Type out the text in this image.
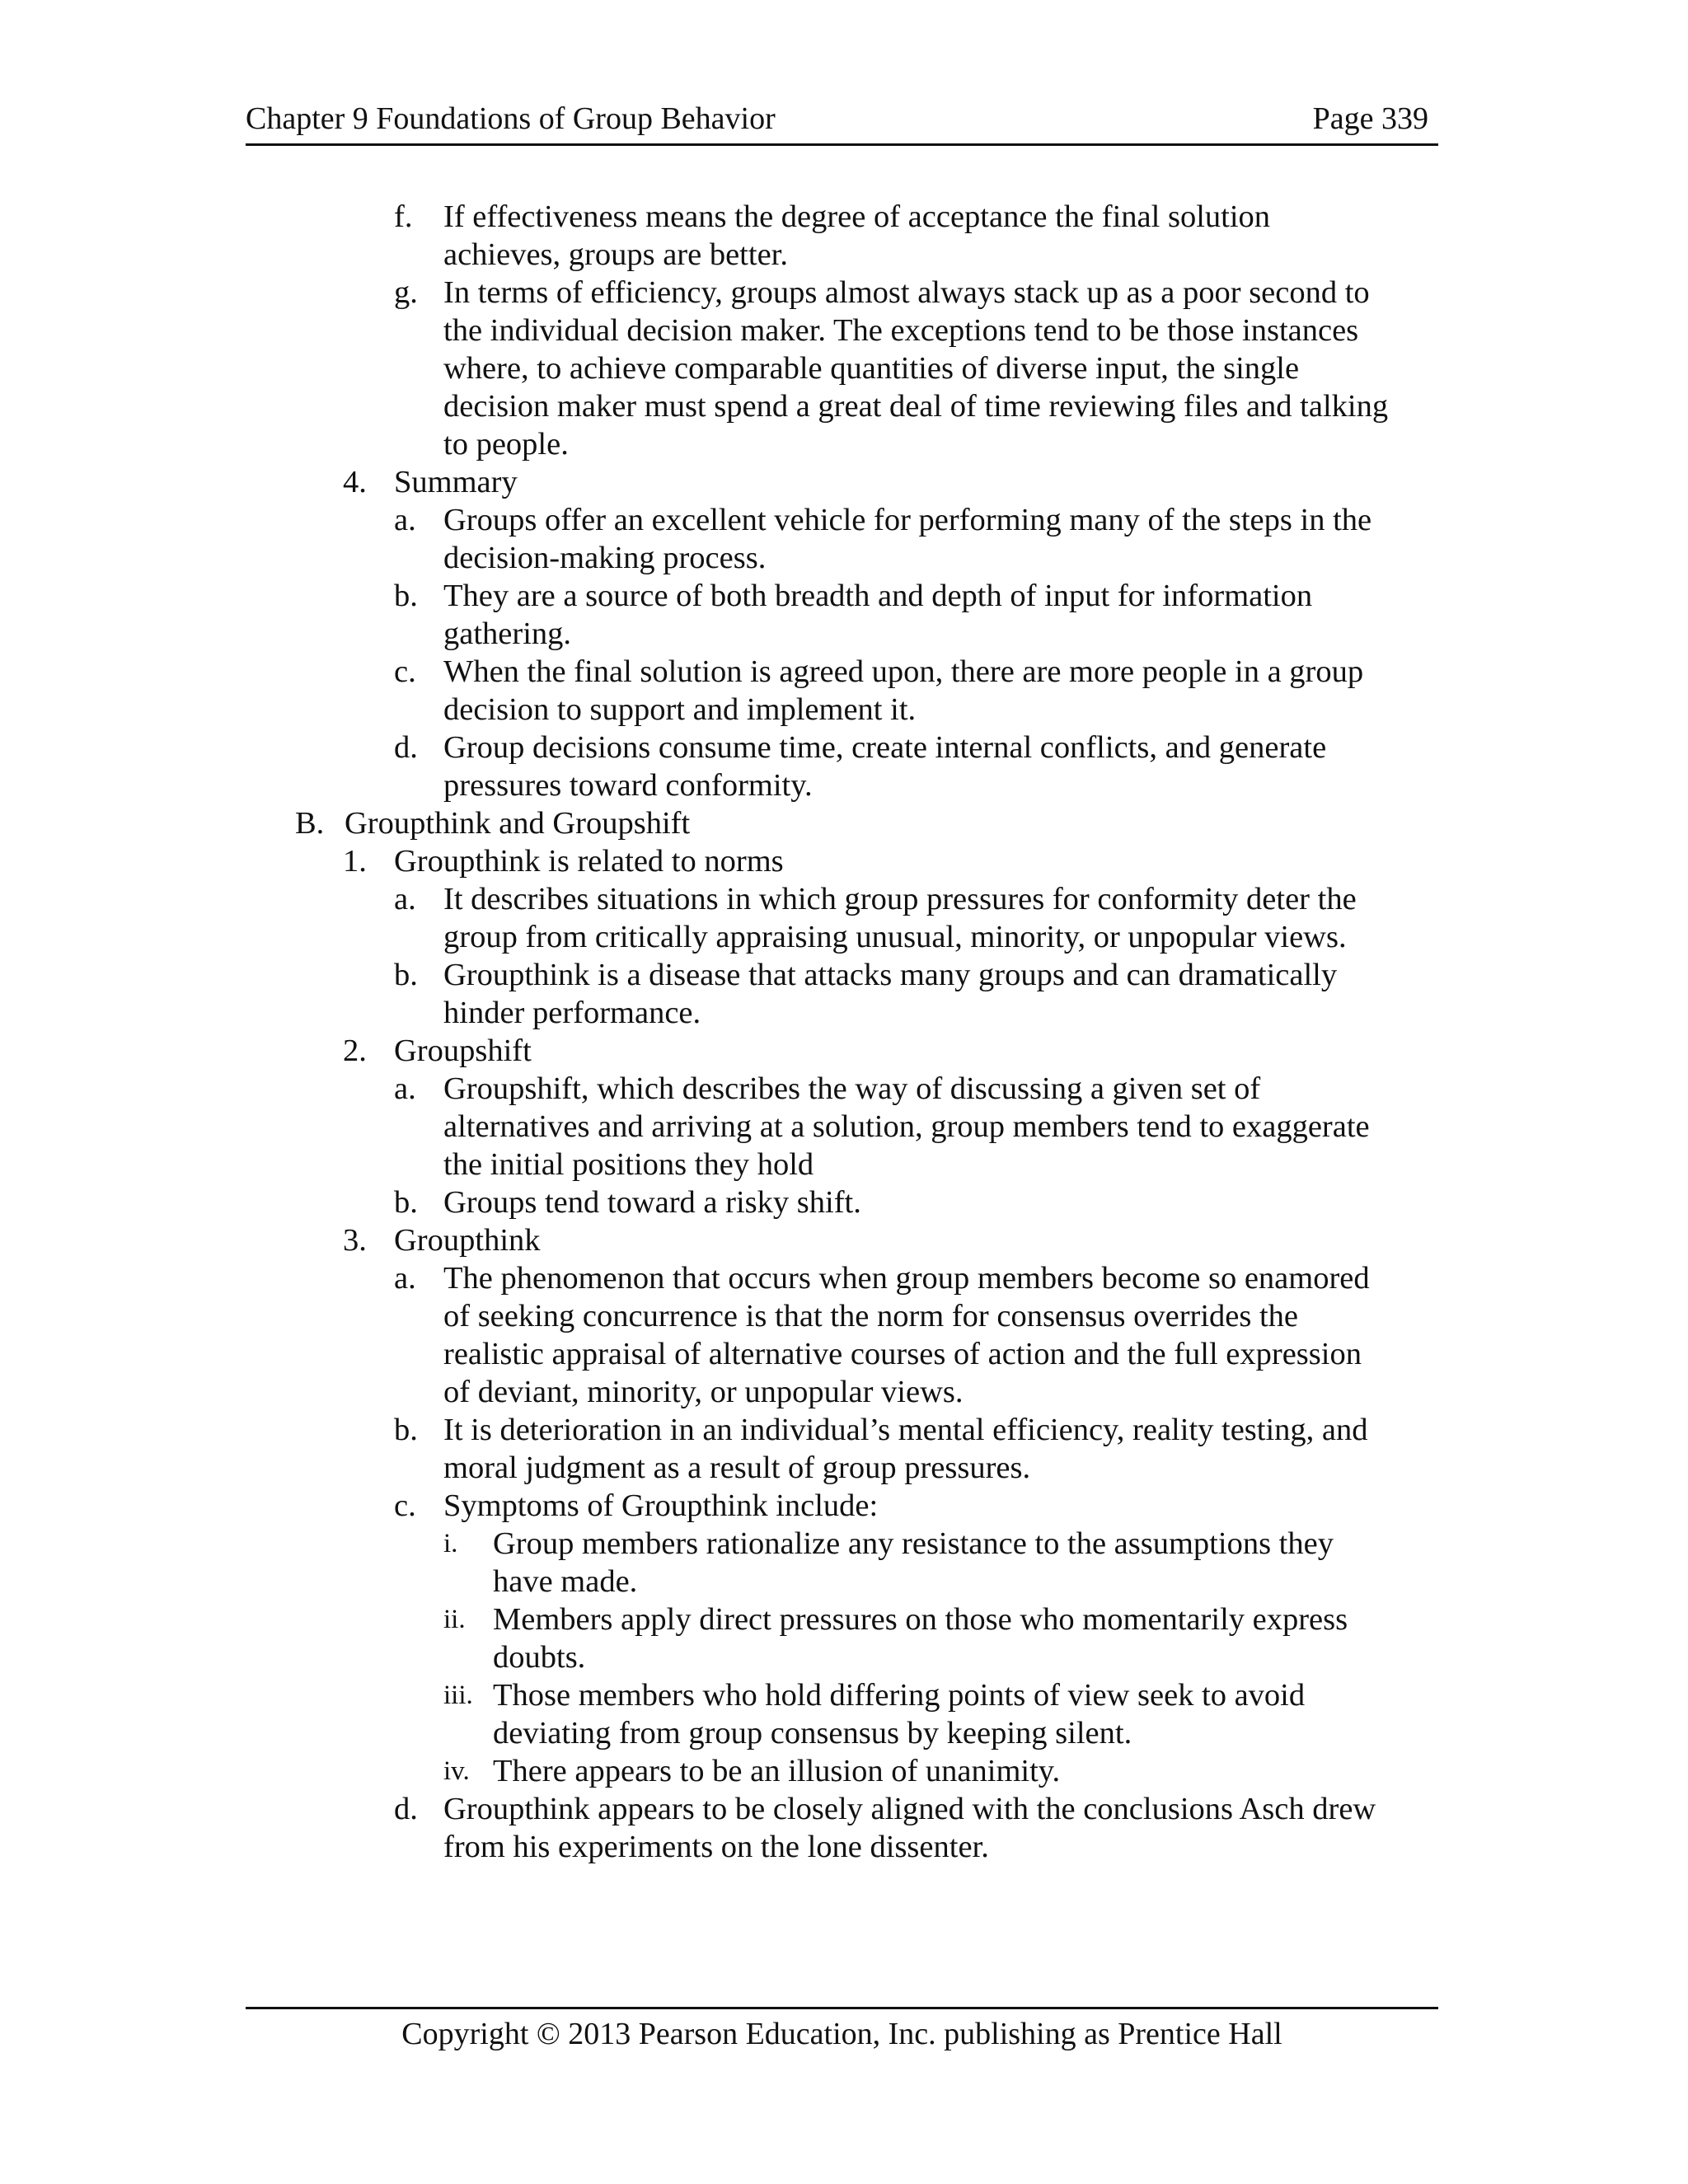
Chapter 9 Foundations of Group Behavior	Page 339
f. If effectiveness means the degree of acceptance the final solution
achieves, groups are better.
g. In terms of efficiency, groups almost always stack up as a poor second to
the individual decision maker. The exceptions tend to be those instances
where, to achieve comparable quantities of diverse input, the single
decision maker must spend a great deal of time reviewing files and talking
to people.
4. Summary
a. Groups offer an excellent vehicle for performing many of the steps in the
decision-making process.
b. They are a source of both breadth and depth of input for information
gathering.
c. When the final solution is agreed upon, there are more people in a group
decision to support and implement it.
d. Group decisions consume time, create internal conflicts, and generate
pressures toward conformity.
B. Groupthink and Groupshift
1. Groupthink is related to norms
a. It describes situations in which group pressures for conformity deter the
group from critically appraising unusual, minority, or unpopular views.
b. Groupthink is a disease that attacks many groups and can dramatically
hinder performance.
2. Groupshift
a. Groupshift, which describes the way of discussing a given set of
alternatives and arriving at a solution, group members tend to exaggerate
the initial positions they hold
b. Groups tend toward a risky shift.
3. Groupthink
a. The phenomenon that occurs when group members become so enamored
of seeking concurrence is that the norm for consensus overrides the
realistic appraisal of alternative courses of action and the full expression
of deviant, minority, or unpopular views.
b. It is deterioration in an individual’s mental efficiency, reality testing, and
moral judgment as a result of group pressures.
c. Symptoms of Groupthink include:
i.	Group members rationalize any resistance to the assumptions they
have made.
ii. Members apply direct pressures on those who momentarily express
doubts.
iii. Those members who hold differing points of view seek to avoid
deviating from group consensus by keeping silent.
iv. There appears to be an illusion of unanimity.
d. Groupthink appears to be closely aligned with the conclusions Asch drew
from his experiments on the lone dissenter.
Copyright © 2013 Pearson Education, Inc. publishing as Prentice Hall
